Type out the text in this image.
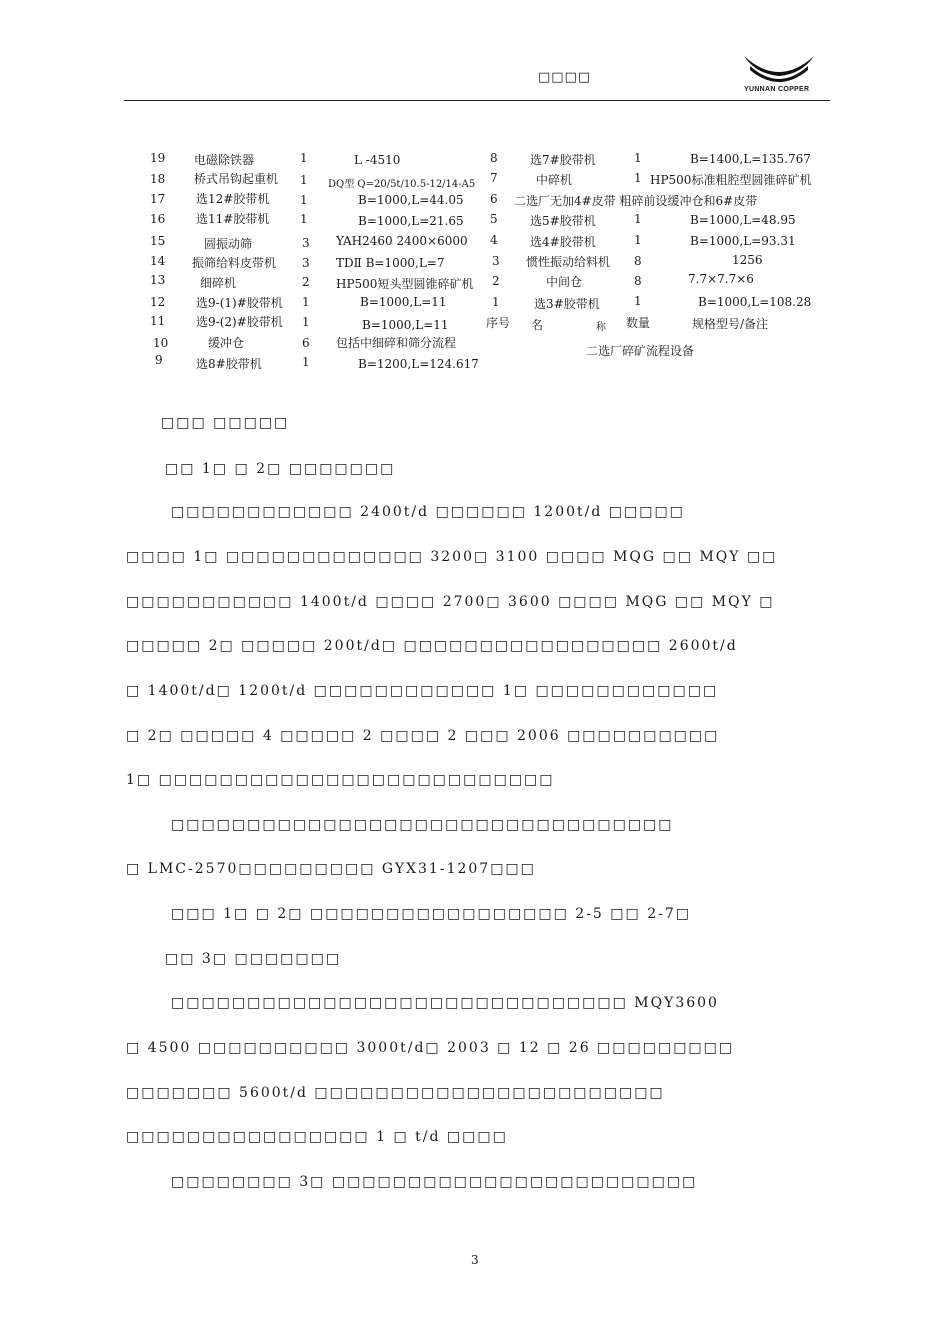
□□□□
YUNNAN COPPER
19 电磁除铁器	1	L -4510
18 桥式吊钩起重机 1 DQ型 Q=20/5t/10.5-12/14-A5
17	选12#胶带机	1	B=1000,L=44.05
16	选11#胶带机	1	B=1000,L=21.65
15	圆振动筛	3 YAH2460 2400×6000
14 振筛给料皮带机 3 TDⅡ B=1000,L=7
13	细碎机	2 HP500短头型圆锥碎矿机
12	选9-(1)#胶带机 1	B=1000,L=11
11	选9-(2)#胶带机 1	B=1000,L=11
10	缓冲仓	6 包括中细碎和筛分流程
9	选8#胶带机	1	B=1200,L=124.617
8	选7#胶带机	1	B=1400,L=135.767
7	中碎机	1 HP500标准粗腔型圆锥碎矿机
6 二选厂无加4#皮带 粗碎前设缓冲仓和6#皮带
5	选5#胶带机	1	B=1000,L=48.95
4	选4#胶带机	1	B=1000,L=93.31
3 惯性振动给料机 8	1256
2	中间仓	8	7.7×7.7×6
1	选3#胶带机	1	B=1000,L=108.28
序号 名	称 数量	规格型号/备注
二选厂碎矿流程设备
□□□ □□□□□
□□ 1□ □ 2□ □□□□□□□
□□□□□□□□□□□□ 2400t/d □□□□□□ 1200t/d □□□□□
□□□□ 1□ □□□□□□□□□□□□□ 3200□ 3100 □□□□ MQG □□ MQY □□
□□□□□□□□□□□ 1400t/d □□□□ 2700□ 3600 □□□□ MQG □□ MQY □
□□□□□ 2□ □□□□□ 200t/d□ □□□□□□□□□□□□□□□□□ 2600t/d
□ 1400t/d□ 1200t/d □□□□□□□□□□□□ 1□ □□□□□□□□□□□□
□ 2□ □□□□□ 4 □□□□□ 2 □□□□ 2 □□□ 2006 □□□□□□□□□□
1□ □□□□□□□□□□□□□□□□□□□□□□□□□□
□□□□□□□□□□□□□□□□□□□□□□□□□□□□□□□□□
□ LMC-2570□□□□□□□□□ GYX31-1207□□□
□□□ 1□ □ 2□ □□□□□□□□□□□□□□□□□ 2-5 □□ 2-7□
□□ 3□ □□□□□□□
□□□□□□□□□□□□□□□□□□□□□□□□□□□□□□ MQY3600
□ 4500 □□□□□□□□□□ 3000t/d□ 2003 □ 12 □ 26 □□□□□□□□□
□□□□□□□ 5600t/d □□□□□□□□□□□□□□□□□□□□□□□
□□□□□□□□□□□□□□□□ 1 □ t/d □□□□
□□□□□□□□ 3□ □□□□□□□□□□□□□□□□□□□□□□□□
3
